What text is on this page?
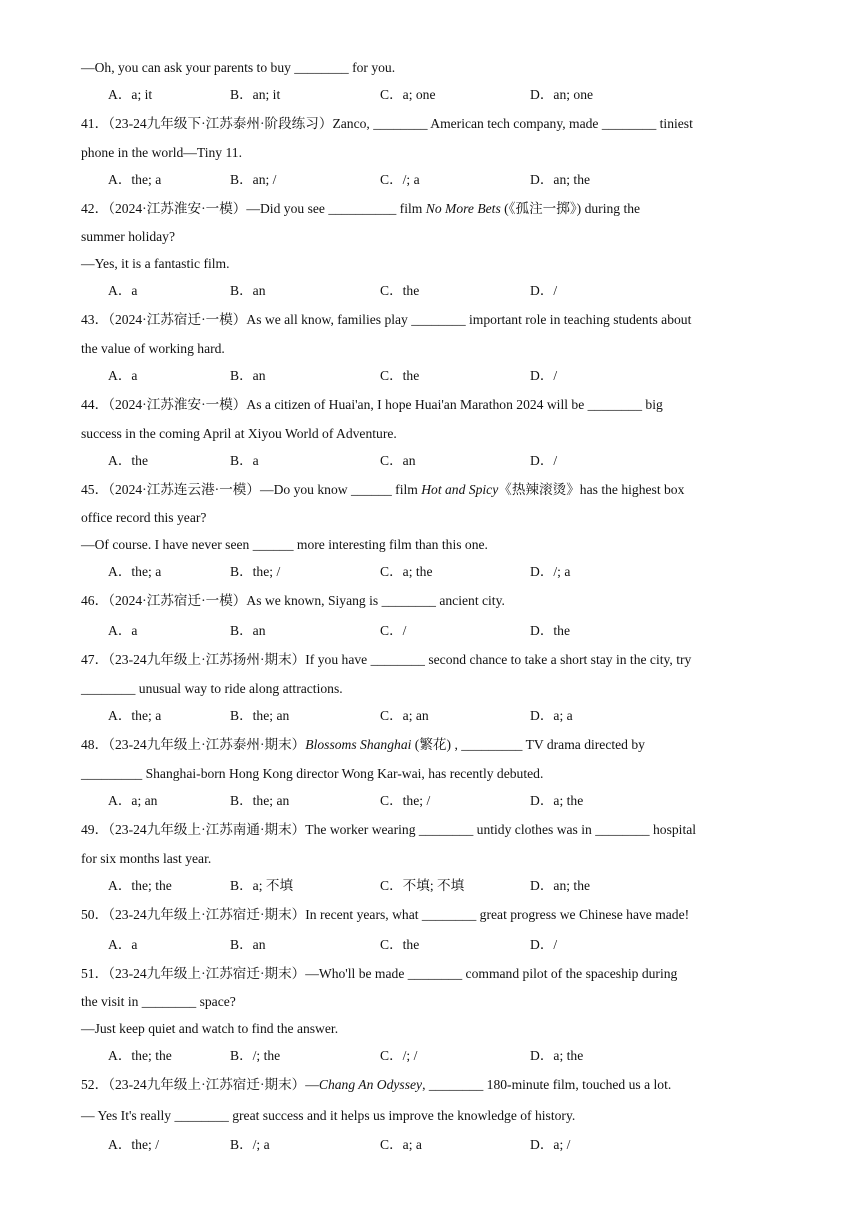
—Oh, you can ask your parents to buy ________ for you.
A．a; it	B．an; it	C．a; one	D．an; one
41．（23-24九年级下·江苏泰州·阶段练习）Zanco, ________ American tech company, made ________ tiniest
phone in the world—Tiny 11.
A．the; a	B．an; /	C．/; a	D．an; the
42．（2024·江苏淮安·一模）—Did you see __________ film No More Bets (《孤注一掷》) during the
summer holiday?
—Yes, it is a fantastic film.
A．a	B．an	C．the	D．/
43．（2024·江苏宿迁·一模）As we all know, families play ________ important role in teaching students about
the value of working hard.
A．a	B．an	C．the	D．/
44．（2024·江苏淮安·一模）As a citizen of Huai'an, I hope Huai'an Marathon 2024 will be ________ big
success in the coming April at Xiyou World of Adventure.
A．the	B．a	C．an	D．/
45．（2024·江苏连云港·一模）—Do you know ______ film Hot and Spicy《热辣滚烫》has the highest box
office record this year?
—Of course. I have never seen ______ more interesting film than this one.
A．the; a	B．the; /	C．a; the	D．/; a
46．（2024·江苏宿迁·一模）As we known, Siyang is ________ ancient city.
A．a	B．an	C．/	D．the
47．（23-24九年级上·江苏扬州·期末）If you have ________ second chance to take a short stay in the city, try
________ unusual way to ride along attractions.
A．the; a	B．the; an	C．a; an	D．a; a
48．（23-24九年级上·江苏泰州·期末）Blossoms Shanghai (繁花) , _________ TV drama directed by
_________ Shanghai-born Hong Kong director Wong Kar-wai, has recently debuted.
A．a; an	B．the; an	C．the; /	D．a; the
49．（23-24九年级上·江苏南通·期末）The worker wearing ________ untidy clothes was in ________ hospital
for six months last year.
A．the; the	B．a; 不填	C．不填; 不填	D．an; the
50．（23-24九年级上·江苏宿迁·期末）In recent years, what ________ great progress we Chinese have made!
A．a	B．an	C．the	D．/
51．（23-24九年级上·江苏宿迁·期末）—Who'll be made ________ command pilot of the spaceship during
the visit in ________ space?
—Just keep quiet and watch to find the answer.
A．the; the	B．/; the	C．/; /	D．a; the
52．（23-24九年级上·江苏宿迁·期末）—Chang An Odyssey, ________ 180-minute film, touched us a lot.
— Yes It's really ________ great success and it helps us improve the knowledge of history.
A．the; /	B．/; a	C．a; a	D．a; /
